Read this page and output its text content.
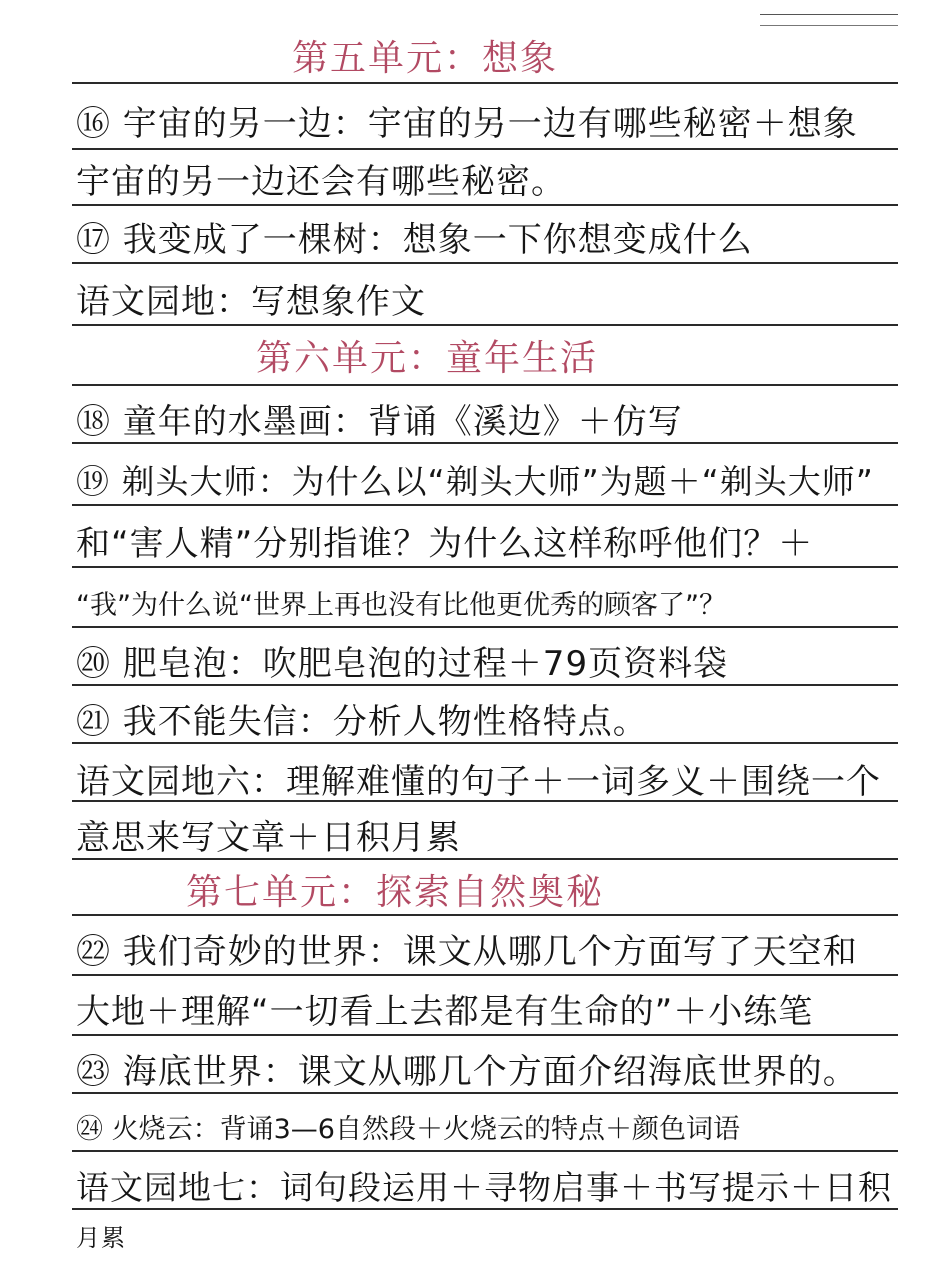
第五单元：想象
⑯ 宇宙的另一边：宇宙的另一边有哪些秘密＋想象
宇宙的另一边还会有哪些秘密。
⑰ 我变成了一棵树：想象一下你想变成什么
语文园地：写想象作文
第六单元：童年生活
⑱ 童年的水墨画：背诵《溪边》＋仿写
⑲ 剃头大师：为什么以“剃头大师”为题＋“剃头大师”
和“害人精”分别指谁？为什么这样称呼他们？＋
“我”为什么说“世界上再也没有比他更优秀的顾客了”？
⑳ 肥皂泡：吹肥皂泡的过程＋79页资料袋
㉑ 我不能失信：分析人物性格特点。
语文园地六：理解难懂的句子＋一词多义＋围绕一个
意思来写文章＋日积月累
第七单元：探索自然奥秘
㉒ 我们奇妙的世界：课文从哪几个方面写了天空和
大地＋理解“一切看上去都是有生命的”＋小练笔
㉓ 海底世界：课文从哪几个方面介绍海底世界的。
㉔ 火烧云：背诵3—6自然段＋火烧云的特点＋颜色词语
语文园地七：词句段运用＋寻物启事＋书写提示＋日积
月累
